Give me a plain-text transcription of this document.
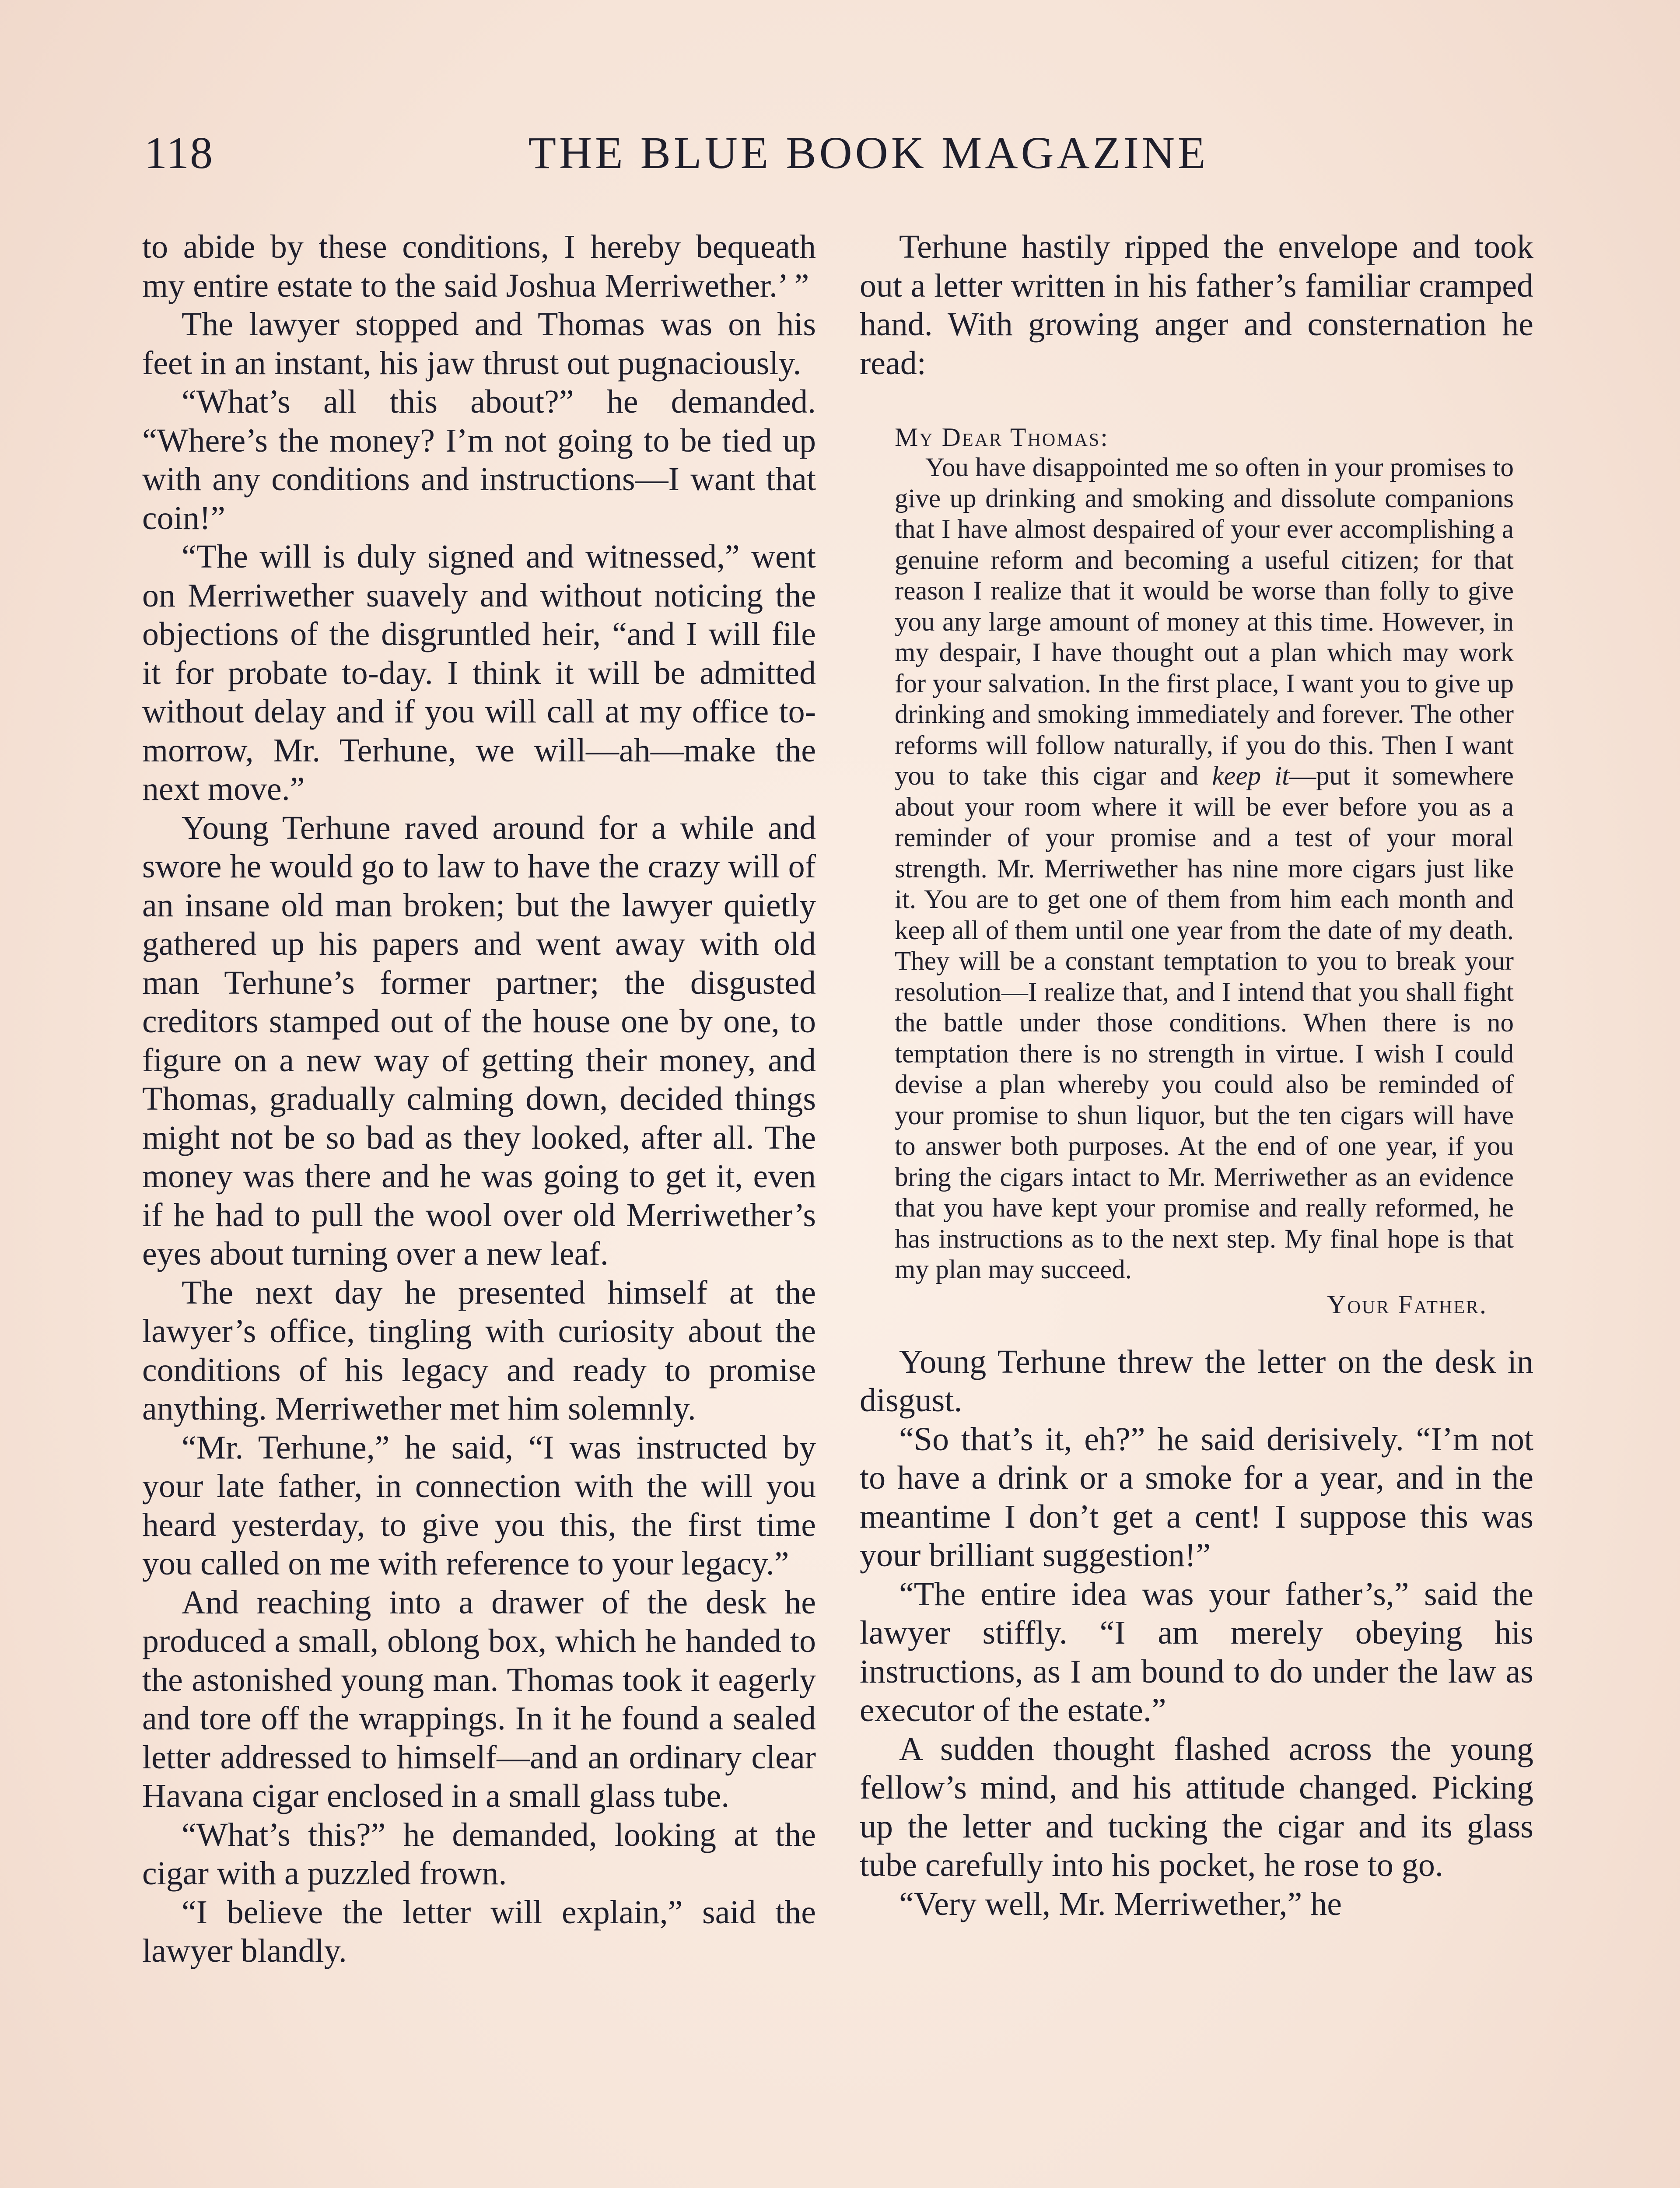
118	THE BLUE BOOK MAGAZINE

to abide by these conditions, I hereby bequeath my entire estate to the said Joshua Merriwether.’ ”

The lawyer stopped and Thomas was on his feet in an instant, his jaw thrust out pugnaciously.

“What’s all this about?” he demanded. “Where’s the money? I’m not going to be tied up with any conditions and instructions—I want that coin!”

“The will is duly signed and witnessed,” went on Merriwether suavely and without noticing the objections of the disgruntled heir, “and I will file it for probate to-day. I think it will be admitted without delay and if you will call at my office to-morrow, Mr. Terhune, we will—ah—make the next move.”

Young Terhune raved around for a while and swore he would go to law to have the crazy will of an insane old man broken; but the lawyer quietly gathered up his papers and went away with old man Terhune’s former partner; the disgusted creditors stamped out of the house one by one, to figure on a new way of getting their money, and Thomas, gradually calming down, decided things might not be so bad as they looked, after all. The money was there and he was going to get it, even if he had to pull the wool over old Merriwether’s eyes about turning over a new leaf.

The next day he presented himself at the lawyer’s office, tingling with curiosity about the conditions of his legacy and ready to promise anything. Merriwether met him solemnly.

“Mr. Terhune,” he said, “I was instructed by your late father, in connection with the will you heard yesterday, to give you this, the first time you called on me with reference to your legacy.”

And reaching into a drawer of the desk he produced a small, oblong box, which he handed to the astonished young man. Thomas took it eagerly and tore off the wrappings. In it he found a sealed letter addressed to himself—and an ordinary clear Havana cigar enclosed in a small glass tube.

“What’s this?” he demanded, looking at the cigar with a puzzled frown.

“I believe the letter will explain,” said the lawyer blandly.

Terhune hastily ripped the envelope and took out a letter written in his father’s familiar cramped hand. With growing anger and consternation he read:

My Dear Thomas:

You have disappointed me so often in your promises to give up drinking and smoking and dissolute companions that I have almost despaired of your ever accomplishing a genuine reform and becoming a useful citizen; for that reason I realize that it would be worse than folly to give you any large amount of money at this time. However, in my despair, I have thought out a plan which may work for your salvation. In the first place, I want you to give up drinking and smoking immediately and forever. The other reforms will follow naturally, if you do this. Then I want you to take this cigar and keep it—put it somewhere about your room where it will be ever before you as a reminder of your promise and a test of your moral strength. Mr. Merriwether has nine more cigars just like it. You are to get one of them from him each month and keep all of them until one year from the date of my death. They will be a constant temptation to you to break your resolution—I realize that, and I intend that you shall fight the battle under those conditions. When there is no temptation there is no strength in virtue. I wish I could devise a plan whereby you could also be reminded of your promise to shun liquor, but the ten cigars will have to answer both purposes. At the end of one year, if you bring the cigars intact to Mr. Merriwether as an evidence that you have kept your promise and really reformed, he has instructions as to the next step. My final hope is that my plan may succeed.

Your Father.

Young Terhune threw the letter on the desk in disgust.

“So that’s it, eh?” he said derisively. “I’m not to have a drink or a smoke for a year, and in the meantime I don’t get a cent! I suppose this was your brilliant suggestion!”

“The entire idea was your father’s,” said the lawyer stiffly. “I am merely obeying his instructions, as I am bound to do under the law as executor of the estate.”

A sudden thought flashed across the young fellow’s mind, and his attitude changed. Picking up the letter and tucking the cigar and its glass tube carefully into his pocket, he rose to go.

“Very well, Mr. Merriwether,” he
